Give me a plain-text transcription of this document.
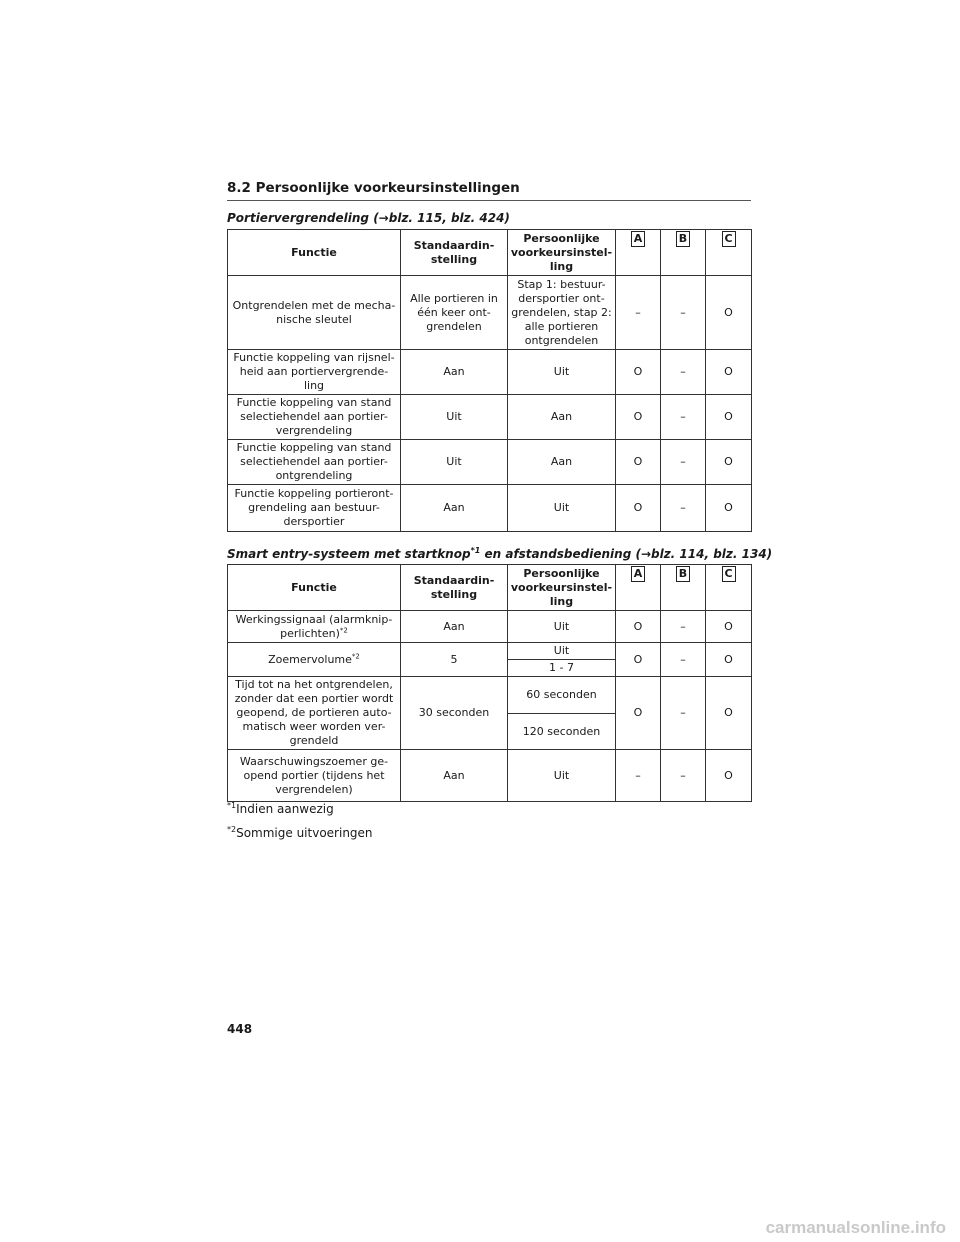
8.2 Persoonlijke voorkeursinstellingen
Portiervergrendeling (→blz. 115, blz. 424)
Functie	Standaardin-stelling	Persoonlijke voorkeursinstel-ling	A	B	C
Ontgrendelen met de mecha-nische sleutel	Alle portieren in één keer ont-grendelen	Stap 1: bestuur-dersportier ont-grendelen, stap 2: alle portieren ontgrendelen	–	–	O
Functie koppeling van rijsnel-heid aan portiervergrende-ling	Aan	Uit	O	–	O
Functie koppeling van stand selectiehendel aan portier-vergrendeling	Uit	Aan	O	–	O
Functie koppeling van stand selectiehendel aan portier-ontgrendeling	Uit	Aan	O	–	O
Functie koppeling portieront-grendeling aan bestuur-dersportier	Aan	Uit	O	–	O
Smart entry-systeem met startknop$^{*1}$ en afstandsbediening (→blz. 114, blz. 134)
Functie	Standaardin-stelling	Persoonlijke voorkeursinstel-ling	A	B	C
Werkingssignaal (alarmknip-perlichten)$^{*2}$	Aan	Uit	O	–	O
Zoemervolume$^{*2}$	5	Uit	O	–	O
		1 - 7			
Tijd tot na het ontgrendelen, zonder dat een portier wordt geopend, de portieren auto-matisch weer worden ver-grendeld	30 seconden	60 seconden	O	–	O
		120 seconden			
Waarschuwingszoemer ge-opend portier (tijdens het vergrendelen)	Aan	Uit	–	–	O
$^{*1}$Indien aanwezig
$^{*2}$Sommige uitvoeringen
448
carmanualsonline.info
